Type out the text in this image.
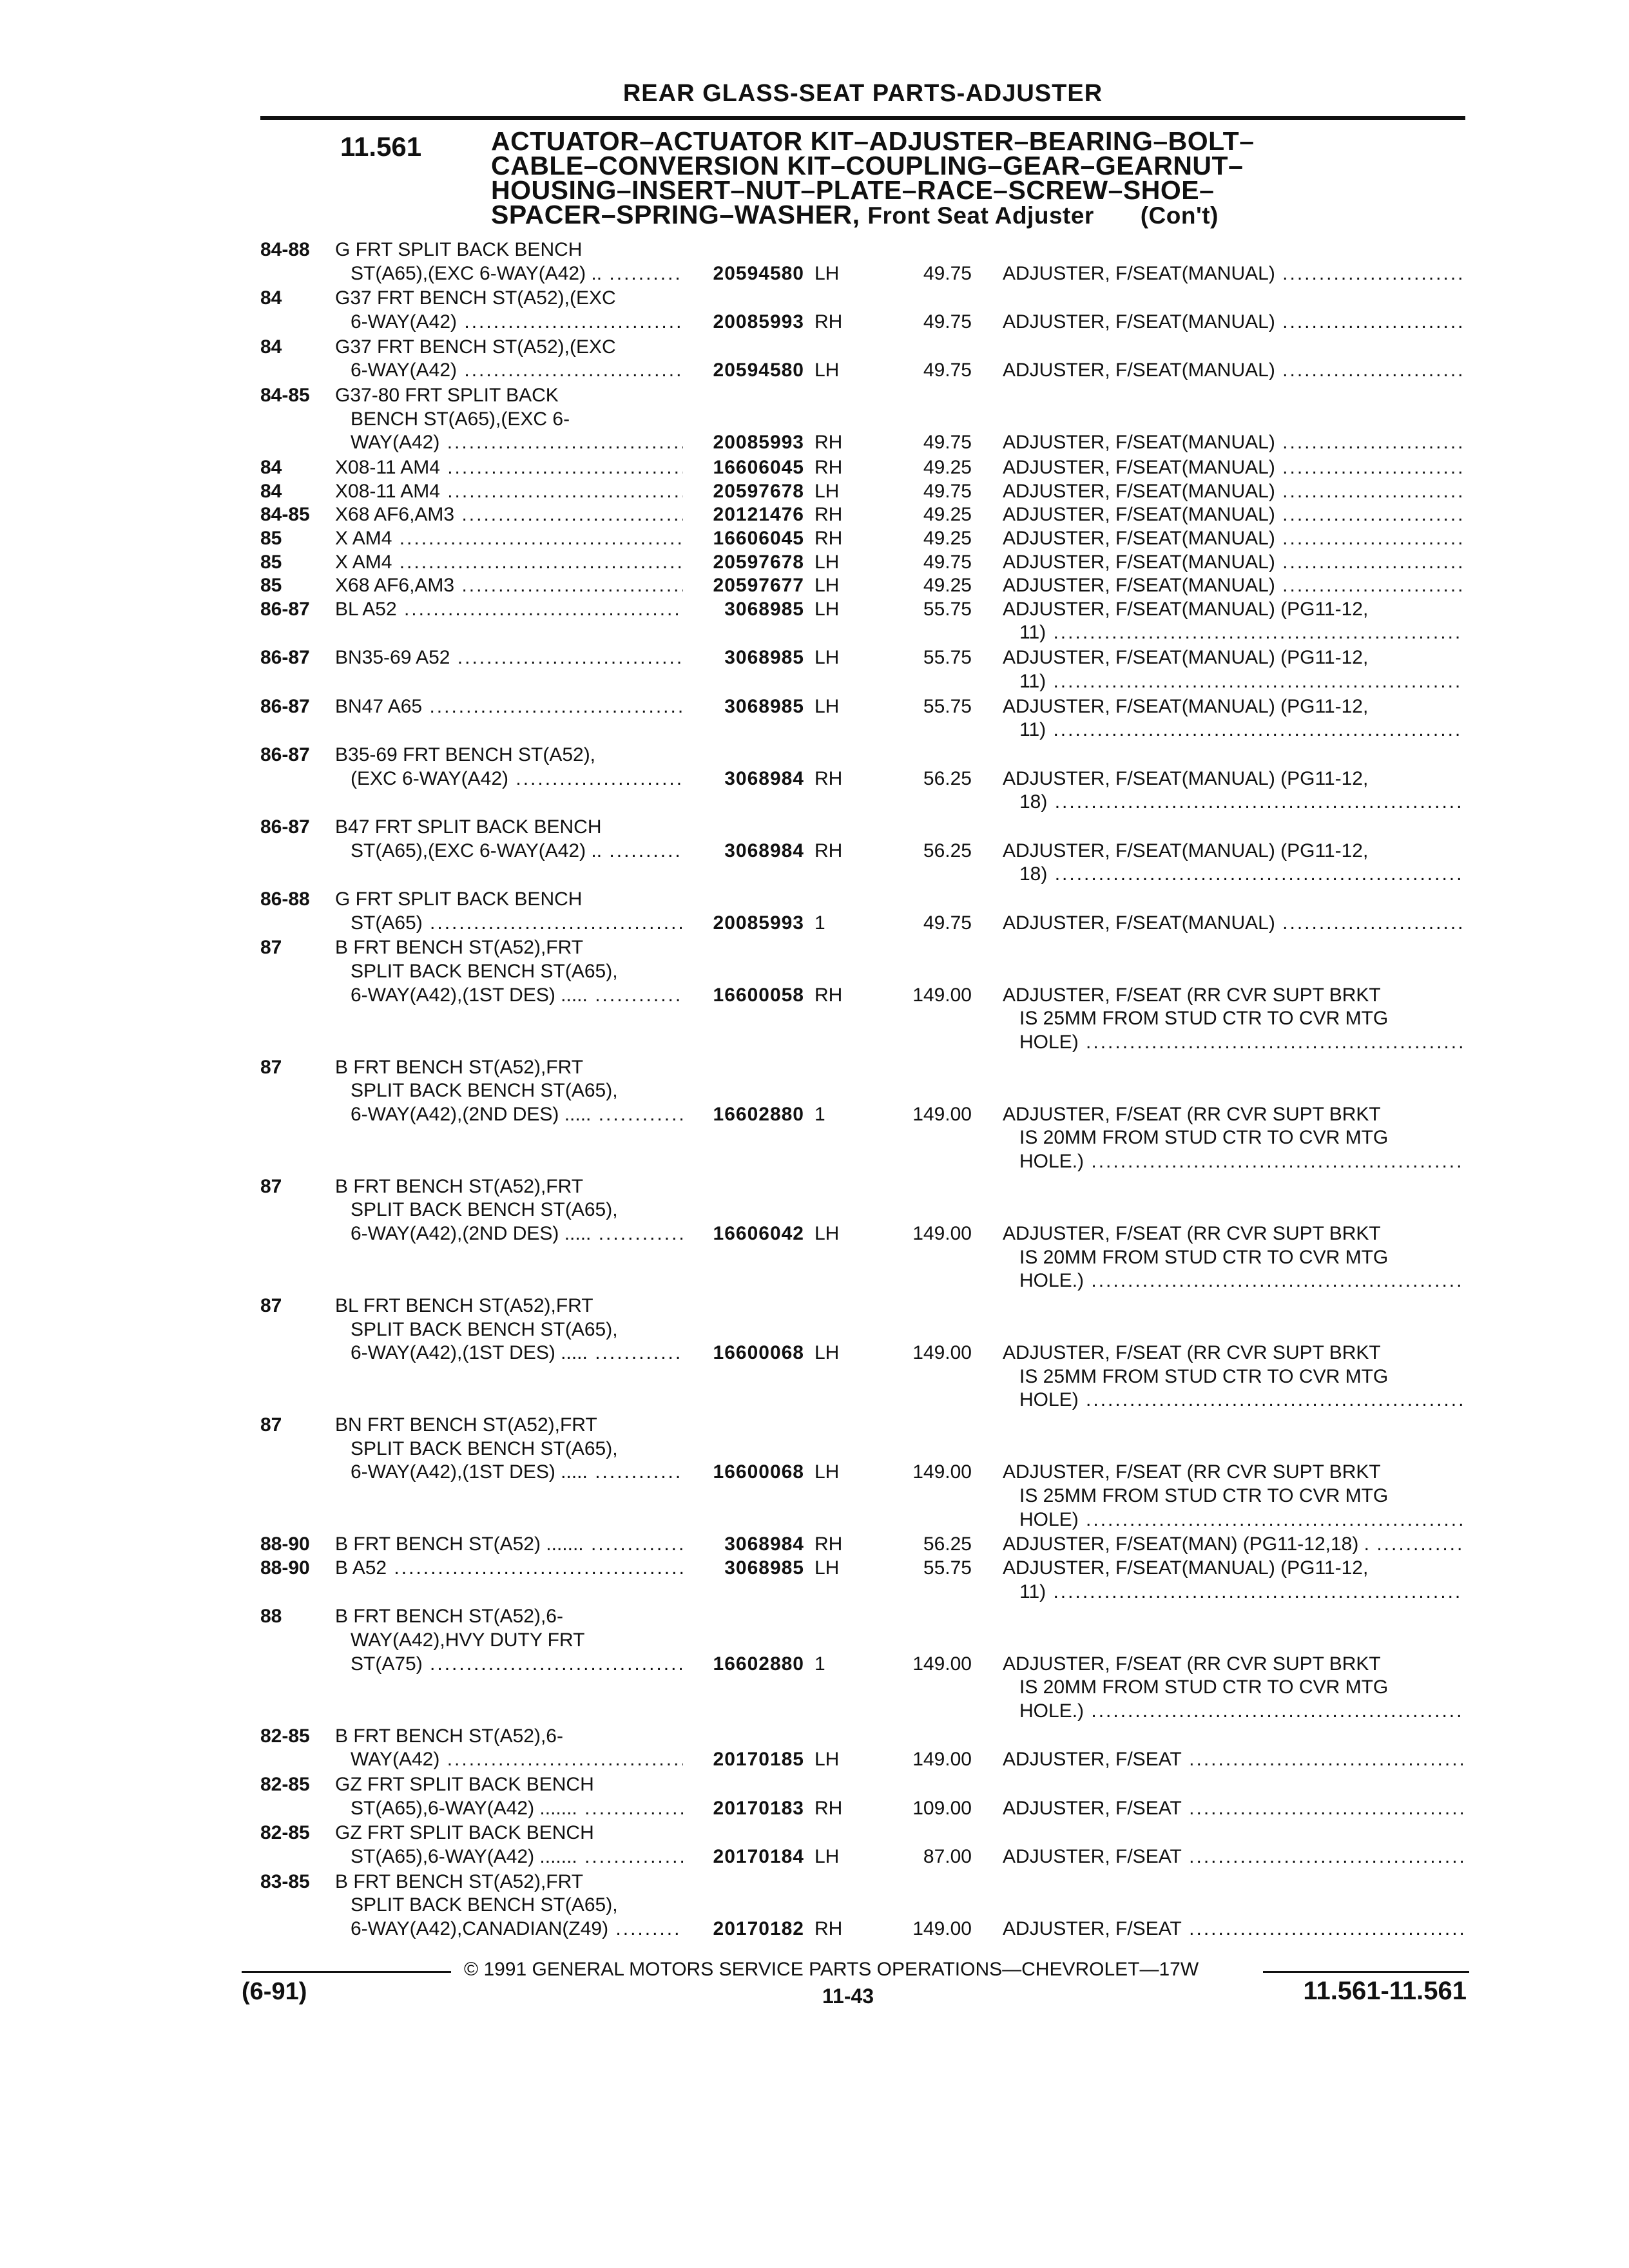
REAR GLASS-SEAT PARTS-ADJUSTER
11.561	ACTUATOR–ACTUATOR KIT–ADJUSTER–BEARING–BOLT–CABLE–CONVERSION KIT–COUPLING–GEAR–GEARNUT–HOUSING–INSERT–NUT–PLATE–RACE–SCREW–SHOE–SPACER–SPRING–WASHER, Front Seat Adjuster (Con't)
84-88 G FRT SPLIT BACK BENCH
ST(A65),(EXC 6-WAY(A42) .. .....	20594580 LH	49.75 ADJUSTER, F/SEAT(MANUAL) .....
84	G37 FRT BENCH ST(A52),(EXC
6-WAY(A42) .....	20085993 RH	49.75 ADJUSTER, F/SEAT(MANUAL) .....
84	G37 FRT BENCH ST(A52),(EXC
6-WAY(A42) .....	20594580 LH	49.75 ADJUSTER, F/SEAT(MANUAL) .....
84-85 G37-80 FRT SPLIT BACK
BENCH ST(A65),(EXC 6-
WAY(A42) .....	20085993 RH	49.75 ADJUSTER, F/SEAT(MANUAL) .....
84	X08-11 AM4 .....	16606045 RH	49.25 ADJUSTER, F/SEAT(MANUAL) .....
84	X08-11 AM4 .....	20597678 LH	49.75 ADJUSTER, F/SEAT(MANUAL) .....
84-85 X68 AF6,AM3 .....	20121476 RH	49.25 ADJUSTER, F/SEAT(MANUAL) .....
85	X AM4 .....	16606045 RH	49.25 ADJUSTER, F/SEAT(MANUAL) .....
85	X AM4 .....	20597678 LH	49.75 ADJUSTER, F/SEAT(MANUAL) .....
85	X68 AF6,AM3 .....	20597677 LH	49.25 ADJUSTER, F/SEAT(MANUAL) .....
86-87 BL A52 .....	3068985 LH	55.75 ADJUSTER, F/SEAT(MANUAL) (PG11-12,
11) .....
86-87 BN35-69 A52 .....	3068985 LH	55.75 ADJUSTER, F/SEAT(MANUAL) (PG11-12,
11) .....
86-87 BN47 A65 .....	3068985 LH	55.75 ADJUSTER, F/SEAT(MANUAL) (PG11-12,
11) .....
86-87 B35-69 FRT BENCH ST(A52),
(EXC 6-WAY(A42) .....	3068984 RH	56.25 ADJUSTER, F/SEAT(MANUAL) (PG11-12,
18) .....
86-87 B47 FRT SPLIT BACK BENCH
ST(A65),(EXC 6-WAY(A42) .. .....	3068984 RH	56.25 ADJUSTER, F/SEAT(MANUAL) (PG11-12,
18) .....
86-88 G FRT SPLIT BACK BENCH
ST(A65) .....	20085993 1	49.75 ADJUSTER, F/SEAT(MANUAL) .....
87	B FRT BENCH ST(A52),FRT
SPLIT BACK BENCH ST(A65),
6-WAY(A42),(1ST DES) ..... .....	16600058 RH	149.00 ADJUSTER, F/SEAT (RR CVR SUPT BRKT
IS 25MM FROM STUD CTR TO CVR MTG
HOLE) .....
87	B FRT BENCH ST(A52),FRT
SPLIT BACK BENCH ST(A65),
6-WAY(A42),(2ND DES) ..... .....	16602880 1	149.00 ADJUSTER, F/SEAT (RR CVR SUPT BRKT
IS 20MM FROM STUD CTR TO CVR MTG
HOLE.) .....
87	B FRT BENCH ST(A52),FRT
SPLIT BACK BENCH ST(A65),
6-WAY(A42),(2ND DES) ..... .....	16606042 LH	149.00 ADJUSTER, F/SEAT (RR CVR SUPT BRKT
IS 20MM FROM STUD CTR TO CVR MTG
HOLE.) .....
87	BL FRT BENCH ST(A52),FRT
SPLIT BACK BENCH ST(A65),
6-WAY(A42),(1ST DES) ..... .....	16600068 LH	149.00 ADJUSTER, F/SEAT (RR CVR SUPT BRKT
IS 25MM FROM STUD CTR TO CVR MTG
HOLE) .....
87	BN FRT BENCH ST(A52),FRT
SPLIT BACK BENCH ST(A65),
6-WAY(A42),(1ST DES) ..... .....	16600068 LH	149.00 ADJUSTER, F/SEAT (RR CVR SUPT BRKT
IS 25MM FROM STUD CTR TO CVR MTG
HOLE) .....
88-90 B FRT BENCH ST(A52) ....... .....	3068984 RH	56.25 ADJUSTER, F/SEAT(MAN) (PG11-12,18) . .....
88-90 B A52 .....	3068985 LH	55.75 ADJUSTER, F/SEAT(MANUAL) (PG11-12,
11) .....
88	B FRT BENCH ST(A52),6-
WAY(A42),HVY DUTY FRT
ST(A75) .....	16602880 1	149.00 ADJUSTER, F/SEAT (RR CVR SUPT BRKT
IS 20MM FROM STUD CTR TO CVR MTG
HOLE.) .....
82-85 B FRT BENCH ST(A52),6-
WAY(A42) .....	20170185 LH	149.00 ADJUSTER, F/SEAT .....
82-85 GZ FRT SPLIT BACK BENCH
ST(A65),6-WAY(A42) ....... .....	20170183 RH	109.00 ADJUSTER, F/SEAT .....
82-85 GZ FRT SPLIT BACK BENCH
ST(A65),6-WAY(A42) ....... .....	20170184 LH	87.00 ADJUSTER, F/SEAT .....
83-85 B FRT BENCH ST(A52),FRT
SPLIT BACK BENCH ST(A65),
6-WAY(A42),CANADIAN(Z49) .....	20170182 RH	149.00 ADJUSTER, F/SEAT .....
© 1991 GENERAL MOTORS SERVICE PARTS OPERATIONS—CHEVROLET—17W
(6-91)	11-43	11.561-11.561
